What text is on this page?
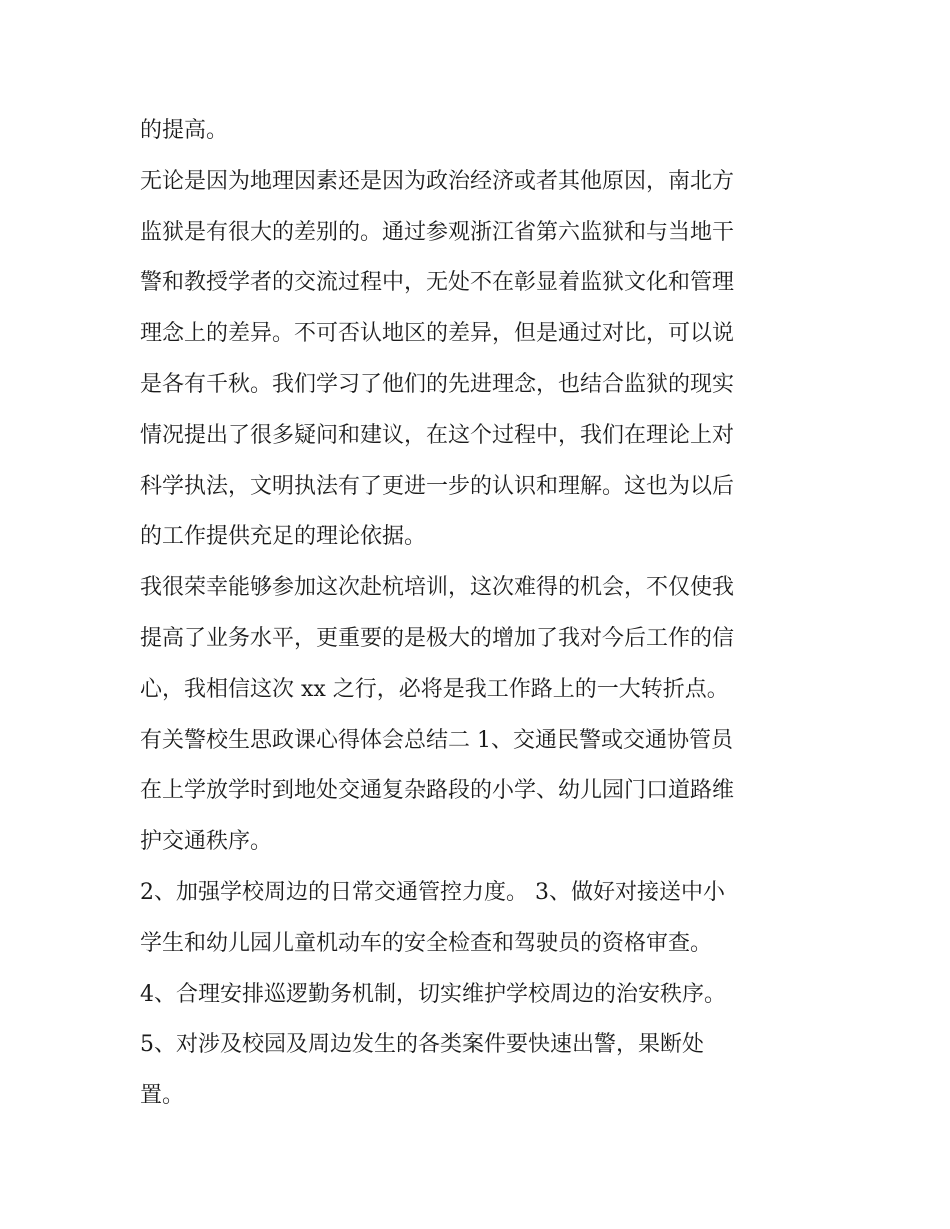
的提高。
无论是因为地理因素还是因为政治经济或者其他原因，南北方
监狱是有很大的差别的。通过参观浙江省第六监狱和与当地干
警和教授学者的交流过程中，无处不在彰显着监狱文化和管理
理念上的差异。不可否认地区的差异，但是通过对比，可以说
是各有千秋。我们学习了他们的先进理念，也结合监狱的现实
情况提出了很多疑问和建议，在这个过程中，我们在理论上对
科学执法，文明执法有了更进一步的认识和理解。这也为以后
的工作提供充足的理论依据。
我很荣幸能够参加这次赴杭培训，这次难得的机会，不仅使我
提高了业务水平，更重要的是极大的增加了我对今后工作的信
心，我相信这次 xx 之行，必将是我工作路上的一大转折点。
有关警校生思政课心得体会总结二 1、交通民警或交通协管员
在上学放学时到地处交通复杂路段的小学、幼儿园门口道路维
护交通秩序。
2、加强学校周边的日常交通管控力度。 3、做好对接送中小
学生和幼儿园儿童机动车的安全检查和驾驶员的资格审查。
4、合理安排巡逻勤务机制，切实维护学校周边的治安秩序。
5、对涉及校园及周边发生的各类案件要快速出警，果断处
置。
